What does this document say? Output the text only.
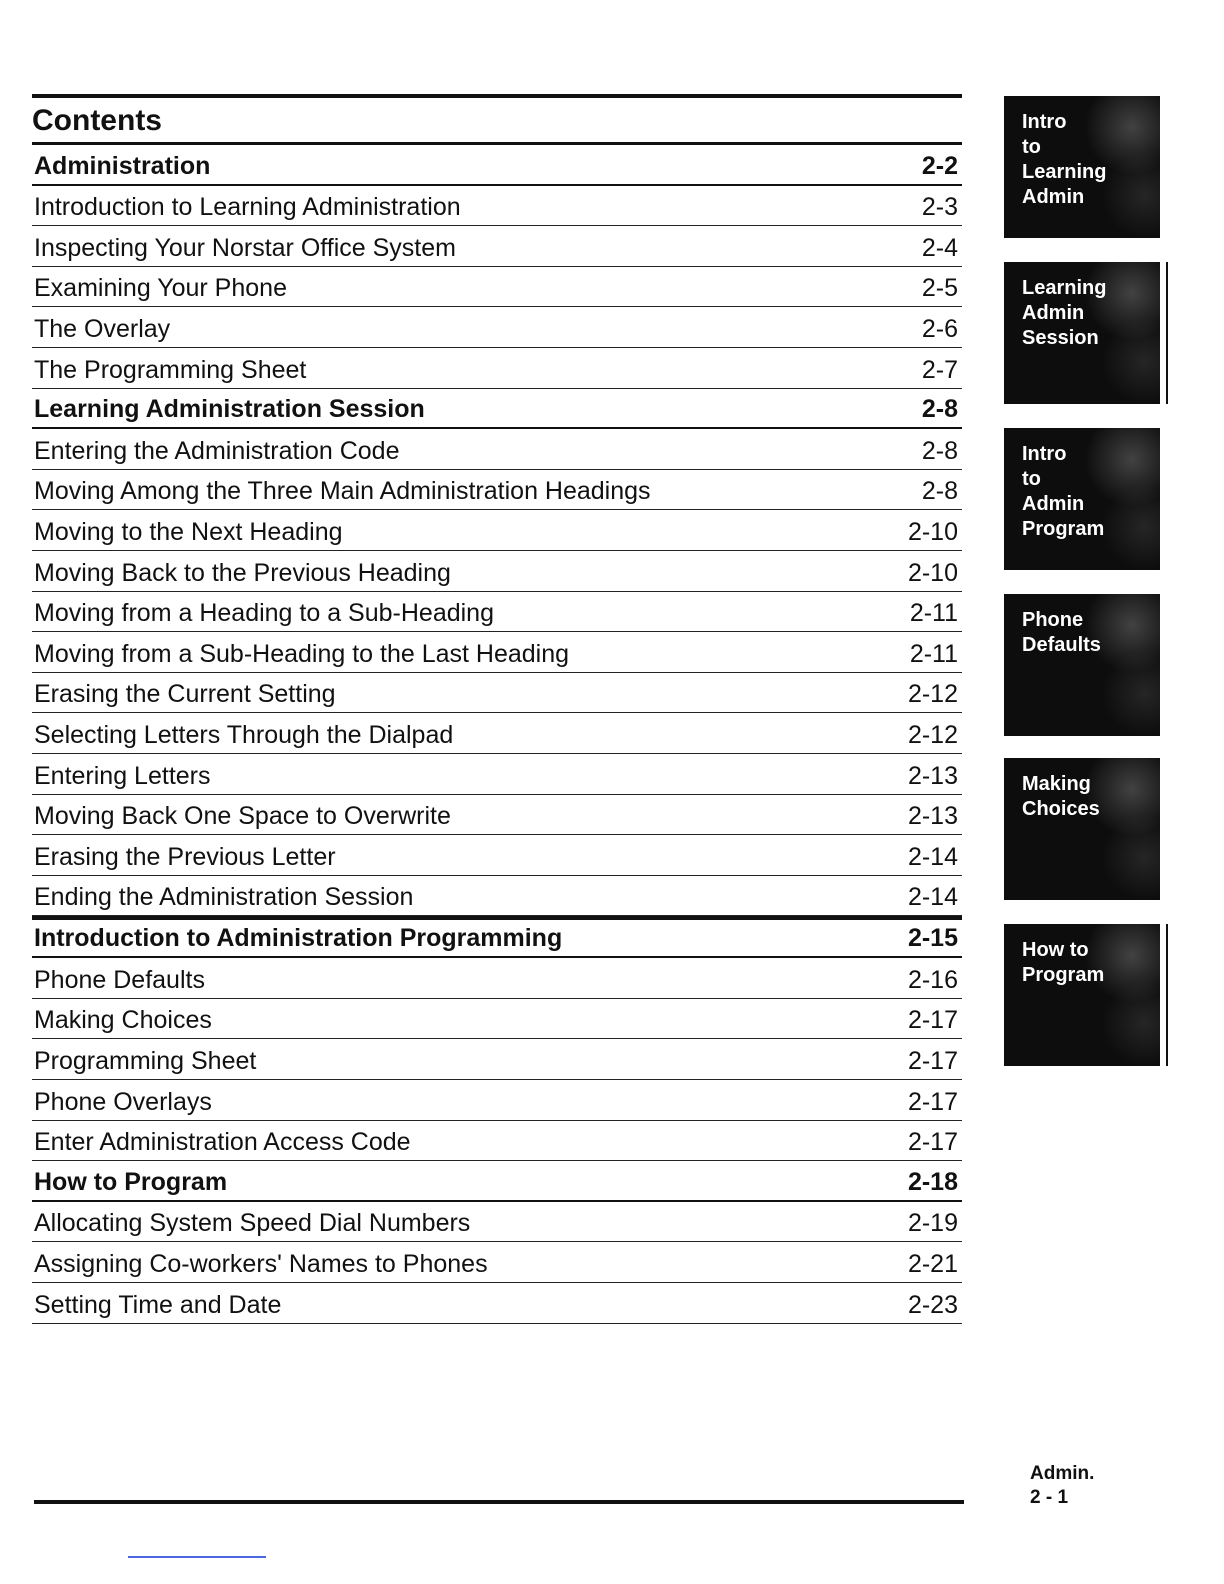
Contents
Administration	2-2
Introduction to Learning Administration	2-3
Inspecting Your Norstar Office System	2-4
Examining Your Phone	2-5
The Overlay	2-6
The Programming Sheet	2-7
Learning Administration Session	2-8
Entering the Administration Code	2-8
Moving Among the Three Main Administration Headings	2-8
Moving to the Next Heading	2-10
Moving Back to the Previous Heading	2-10
Moving from a Heading to a Sub-Heading	2-11
Moving from a Sub-Heading to the Last Heading	2-11
Erasing the Current Setting	2-12
Selecting Letters Through the Dialpad	2-12
Entering Letters	2-13
Moving Back One Space to Overwrite	2-13
Erasing the Previous Letter	2-14
Ending the Administration Session	2-14
Introduction to Administration Programming	2-15
Phone Defaults	2-16
Making Choices	2-17
Programming Sheet	2-17
Phone Overlays	2-17
Enter Administration Access Code	2-17
How to Program	2-18
Allocating System Speed Dial Numbers	2-19
Assigning Co-workers' Names to Phones	2-21
Setting Time and Date	2-23
Intro
to
Learning
Admin
Learning
Admin
Session
Intro
to
Admin
Program
Phone
Defaults
Making
Choices
How to
Program
Admin.
2 - 1
